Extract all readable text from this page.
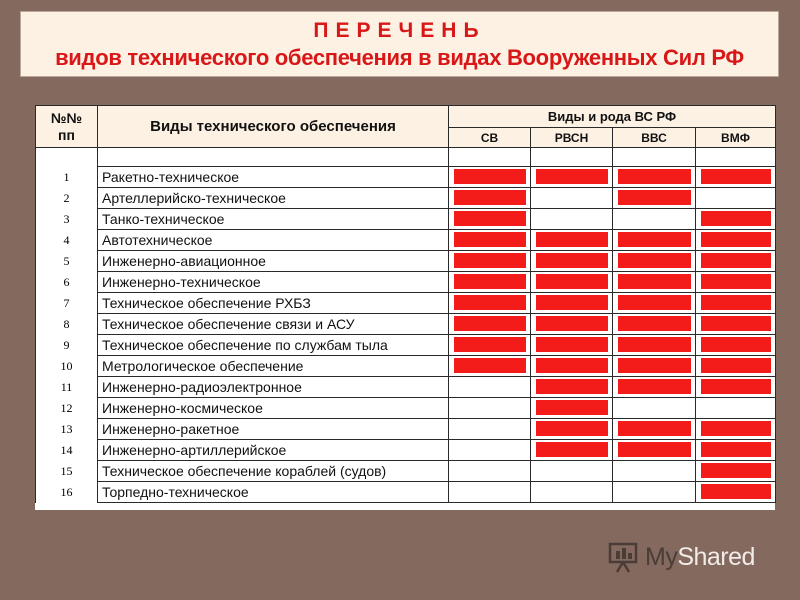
ПЕРЕЧЕНЬ
видов технического обеспечения в видах Вооруженных Сил РФ
№№
пп	Виды технического обеспечения	Виды и рода ВС РФ			
		СВ	РВСН	ВВС	ВМФ

1	Ракетно-техническое	

2	Артеллерийско-техническое	

3	Танко-техническое	

4	Автотехническое	

5	Инженерно-авиационное	

6	Инженерно-техническое	

7	Техническое обеспечение РХБЗ	

8	Техническое обеспечение связи и АСУ	

9	Техническое обеспечение по службам тыла	

10	Метрологическое обеспечение	

11	Инженерно-радиоэлектронное		

12	Инженерно-космическое		

13	Инженерно-ракетное		

14	Инженерно-артиллерийское		

15	Техническое обеспечение кораблей (судов)				

16	Торпедно-техническое				
MyShared
